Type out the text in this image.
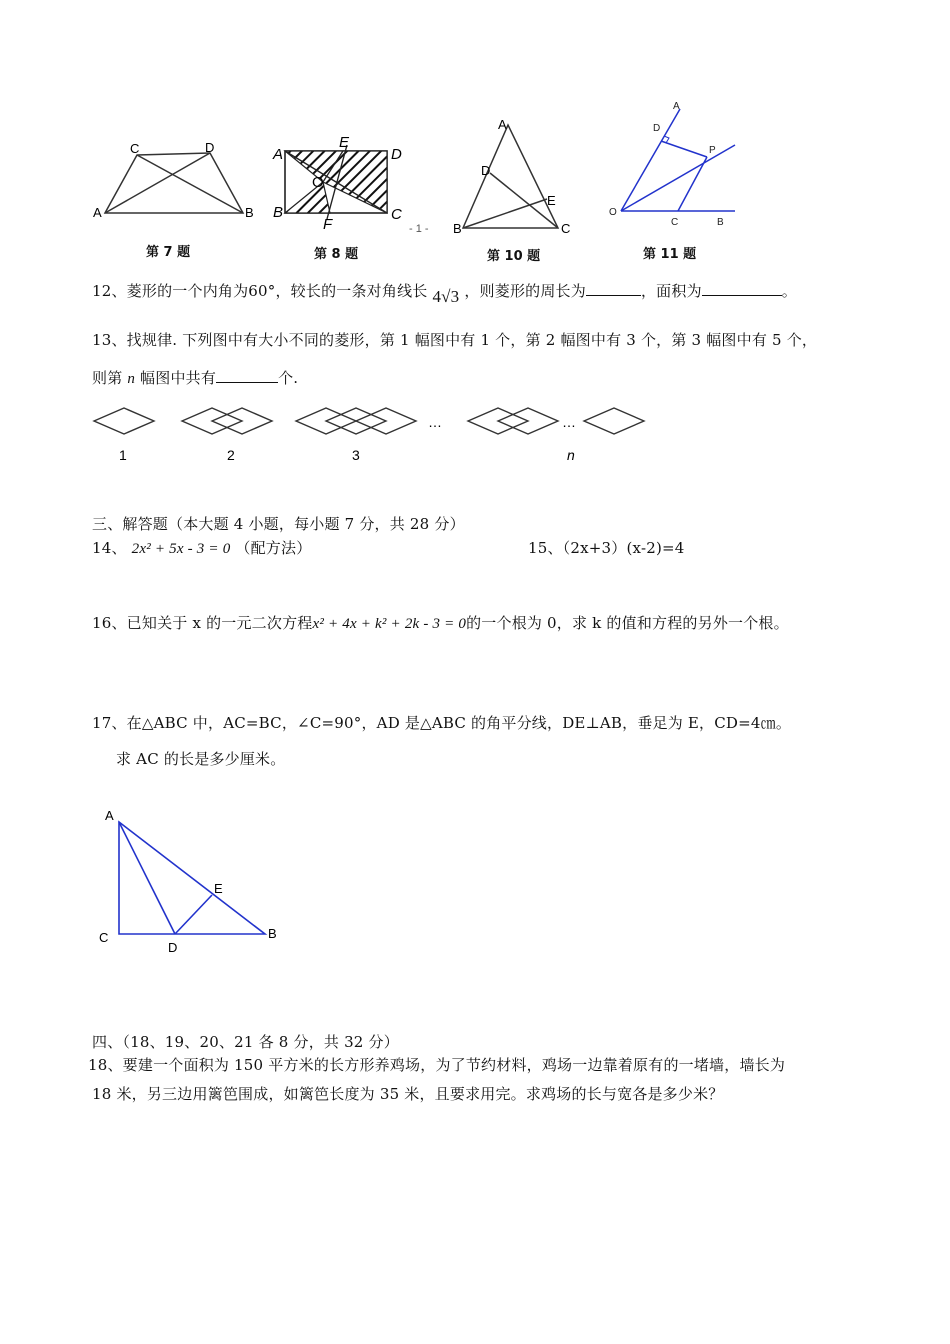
A	B
C	D	A
B	C
D
E
F
O
- 1 -
A
B	C
D
E
A
D
P
O
C	B
第 7 题	第 8 题	第 10 题	第 11 题
12、菱形的一个内角为60°，较长的一条对角线长 4√3 ，则菱形的周长为	，面积为	。
13、找规律. 下列图中有大小不同的菱形，第 1 幅图中有 1 个，第 2 幅图中有 3 个，第 3 幅图中有 5 个，
则第 n 幅图中共有	个.
…	…
1	2	3	n
三、解答题（本大题 4 小题，每小题 7 分，共 28 分）
14、 2x² + 5x - 3 = 0 （配方法）	15、（2x+3）(x-2)=4
16、已知关于 x 的一元二次方程x² + 4x + k² + 2k - 3 = 0的一个根为 0，求 k 的值和方程的另外一个根。
17、在△ABC 中，AC=BC，∠C=90°，AD 是△ABC 的角平分线，DE⊥AB，垂足为 E，CD=4㎝。
求 AC 的长是多少厘米。
A
C
D
B
E
四、（18、19、20、21 各 8 分，共 32 分）
18、要建一个面积为 150 平方米的长方形养鸡场，为了节约材料，鸡场一边靠着原有的一堵墙，墙长为
18 米，另三边用篱笆围成，如篱笆长度为 35 米，且要求用完。求鸡场的长与宽各是多少米？
